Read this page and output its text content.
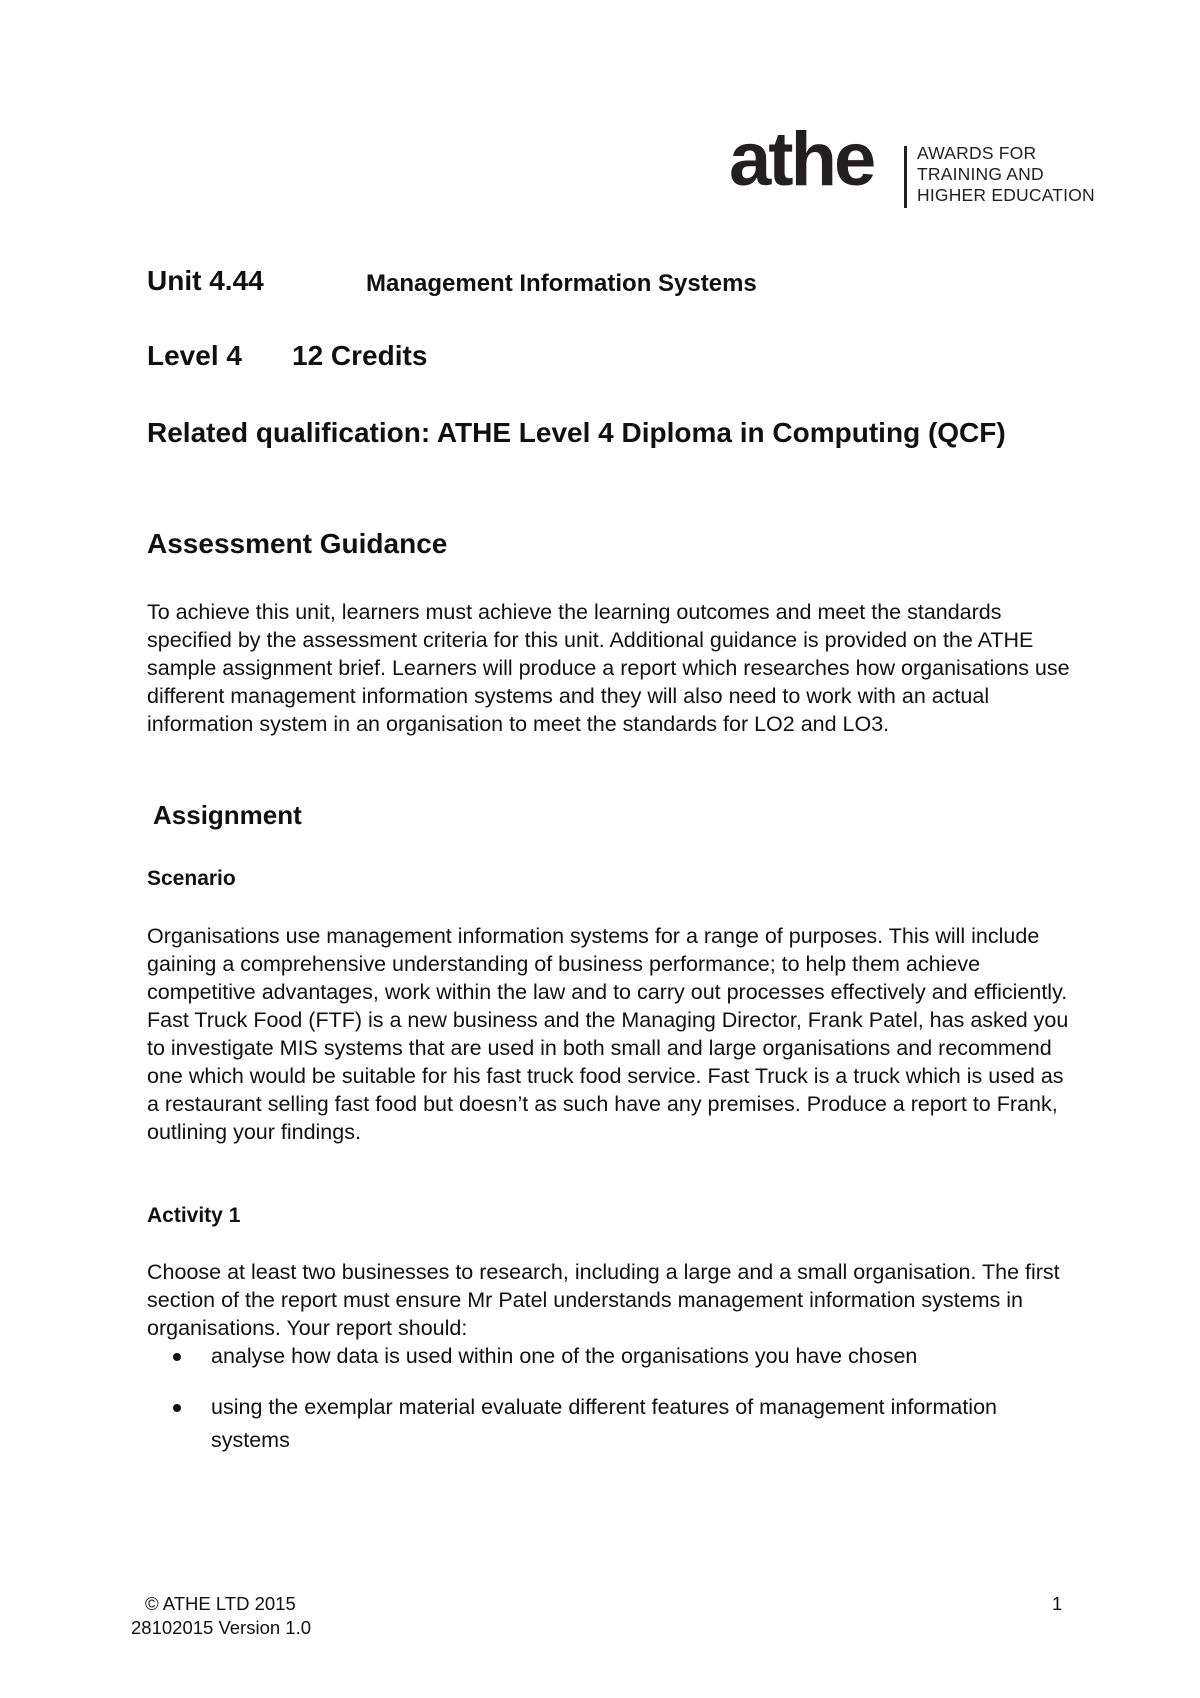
athe AWARDS FOR
TRAINING AND
HIGHER EDUCATION
Unit 4.44	Management Information Systems
Level 4 12 Credits
Related qualification: ATHE Level 4 Diploma in Computing (QCF)
Assessment Guidance
To achieve this unit, learners must achieve the learning outcomes and meet the standards specified by the assessment criteria for this unit. Additional guidance is provided on the ATHE sample assignment brief. Learners will produce a report which researches how organisations use different management information systems and they will also need to work with an actual information system in an organisation to meet the standards for LO2 and LO3.
Assignment
Scenario
Organisations use management information systems for a range of purposes. This will include gaining a comprehensive understanding of business performance; to help them achieve competitive advantages, work within the law and to carry out processes effectively and efficiently. Fast Truck Food (FTF) is a new business and the Managing Director, Frank Patel, has asked you to investigate MIS systems that are used in both small and large organisations and recommend one which would be suitable for his fast truck food service. Fast Truck is a truck which is used as a restaurant selling fast food but doesn’t as such have any premises. Produce a report to Frank, outlining your findings.
Activity 1
Choose at least two businesses to research, including a large and a small organisation. The first section of the report must ensure Mr Patel understands management information systems in organisations. Your report should:
analyse how data is used within one of the organisations you have chosen
using the exemplar material evaluate different features of management information systems
© ATHE LTD 2015	1
28102015 Version 1.0
